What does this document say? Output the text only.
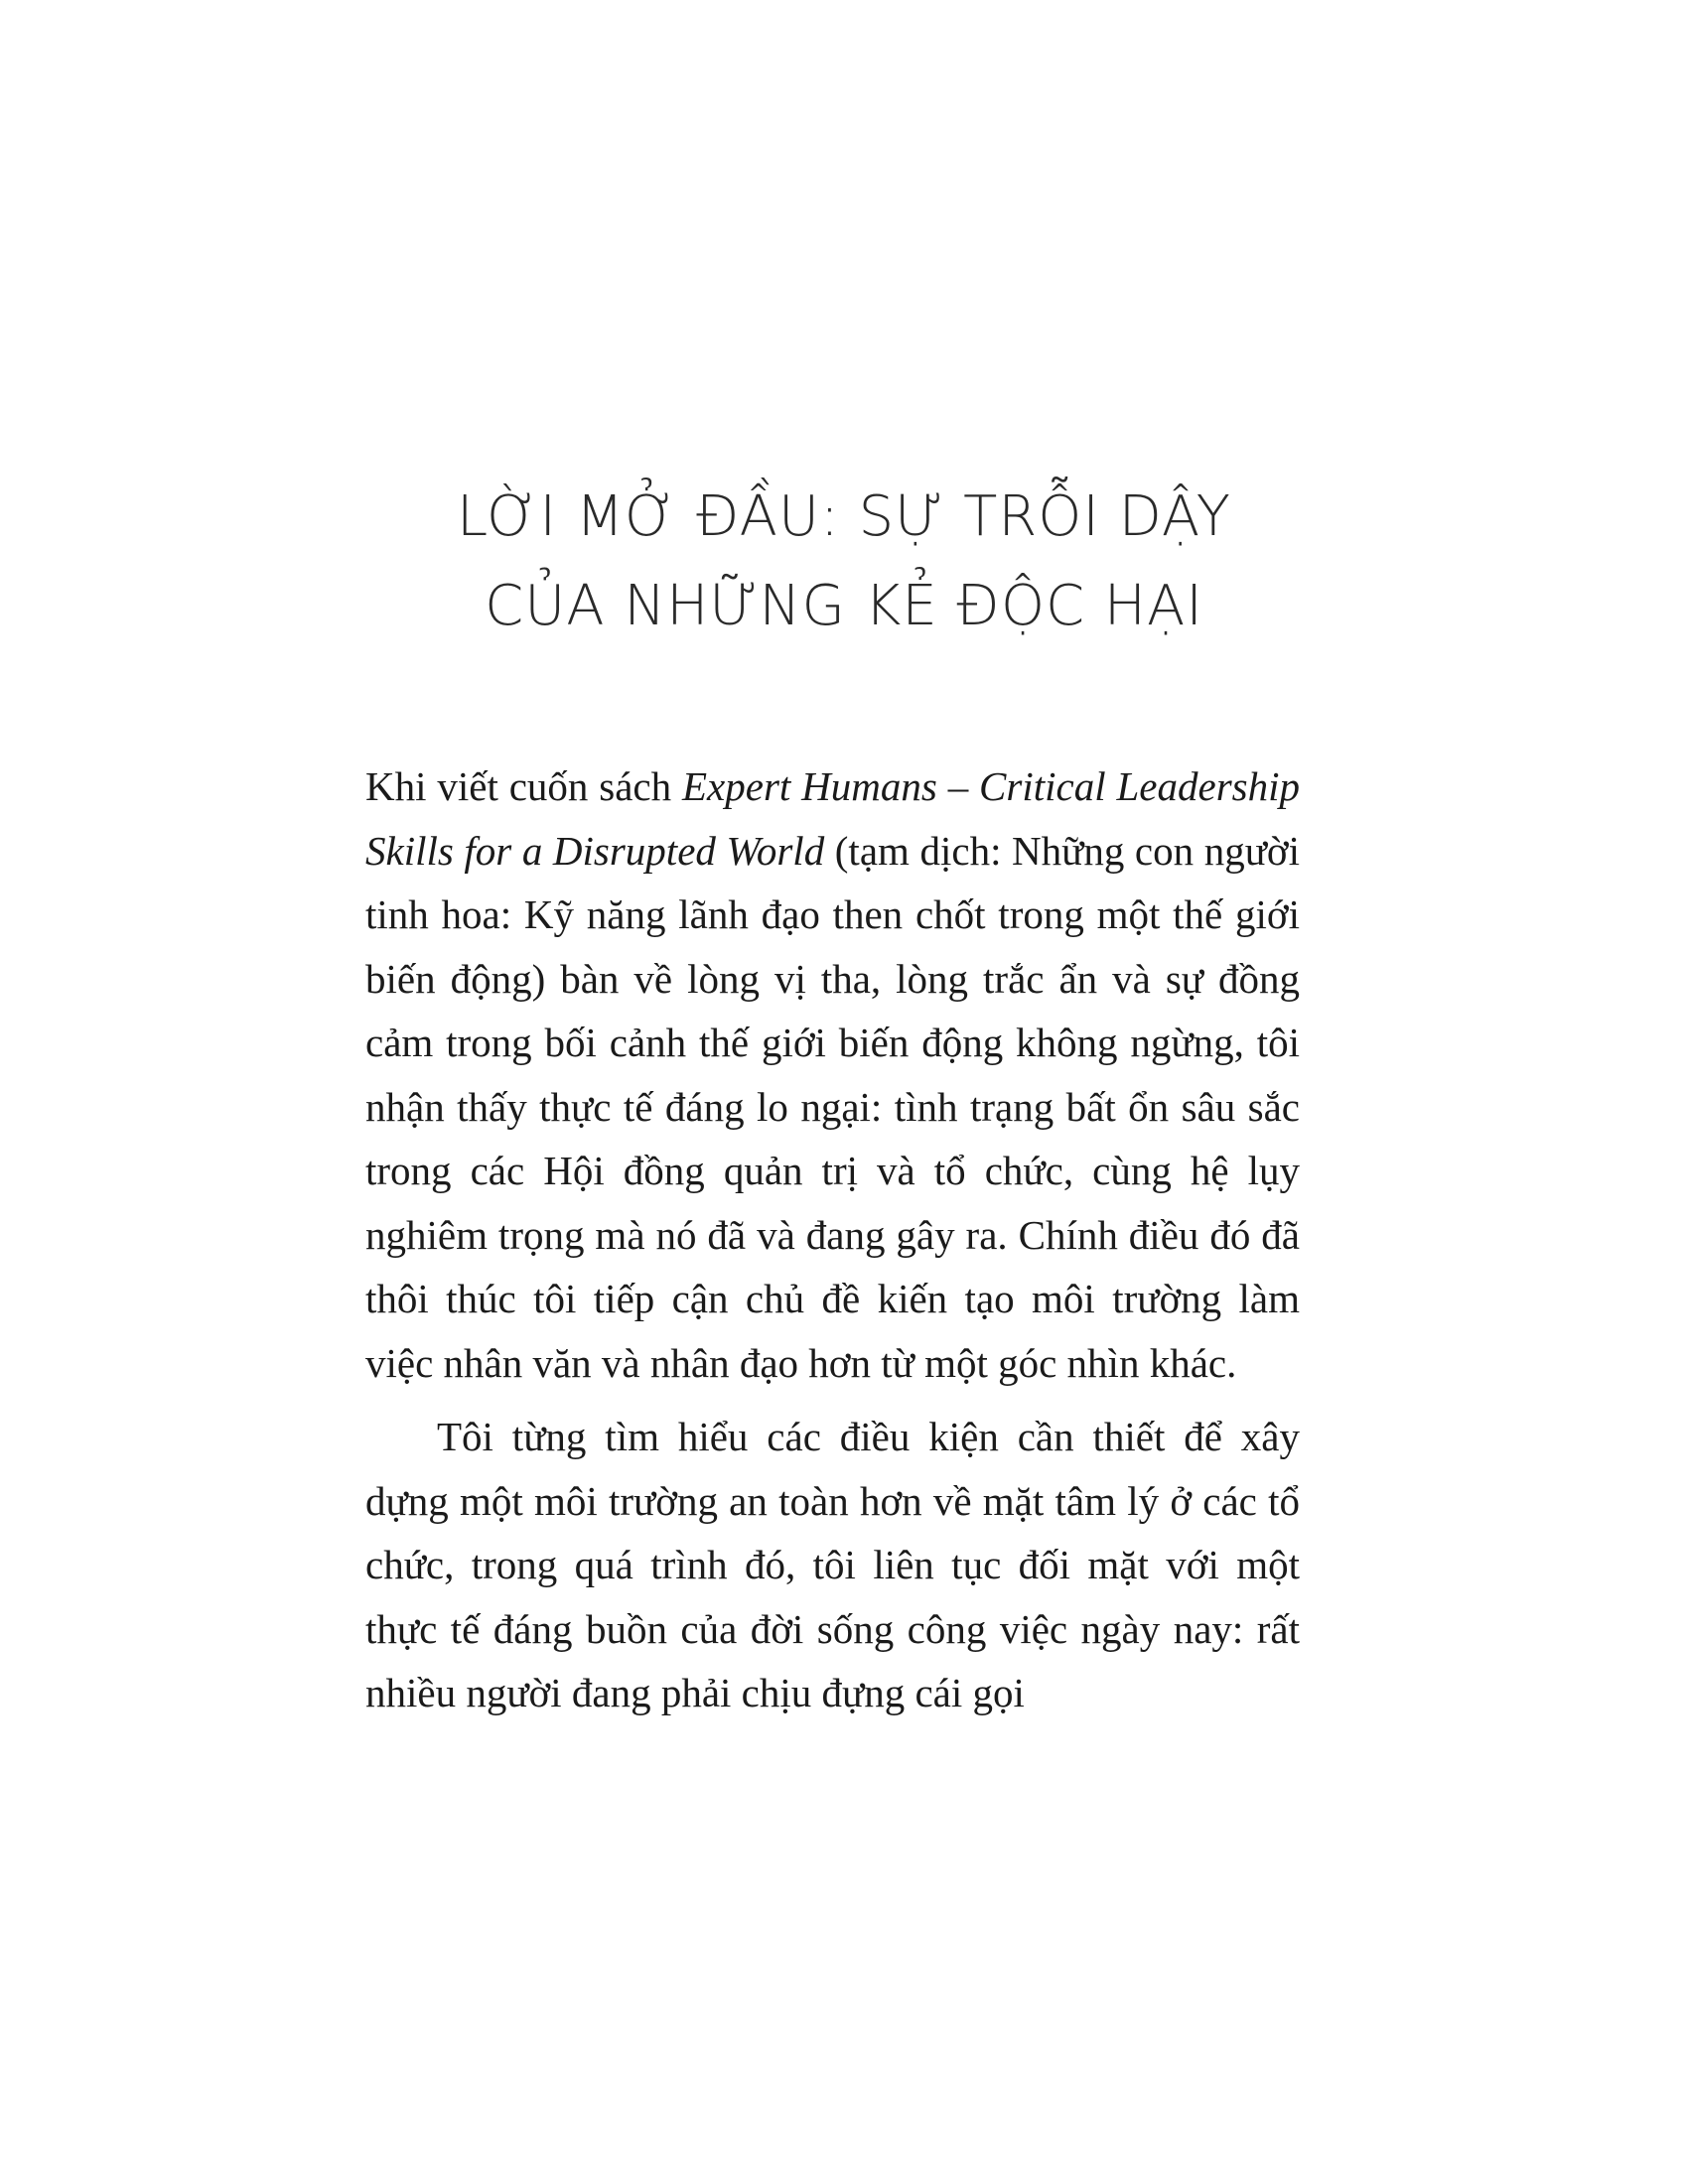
LỜI MỞ ĐẦU: SỰ TRỖI DẬY
CỦA NHỮNG KẺ ĐỘC HẠI

Khi viết cuốn sách Expert Humans – Critical Leadership Skills for a Disrupted World (tạm dịch: Những con người tinh hoa: Kỹ năng lãnh đạo then chốt trong một thế giới biến động) bàn về lòng vị tha, lòng trắc ẩn và sự đồng cảm trong bối cảnh thế giới biến động không ngừng, tôi nhận thấy thực tế đáng lo ngại: tình trạng bất ổn sâu sắc trong các Hội đồng quản trị và tổ chức, cùng hệ lụy nghiêm trọng mà nó đã và đang gây ra. Chính điều đó đã thôi thúc tôi tiếp cận chủ đề kiến tạo môi trường làm việc nhân văn và nhân đạo hơn từ một góc nhìn khác.

Tôi từng tìm hiểu các điều kiện cần thiết để xây dựng một môi trường an toàn hơn về mặt tâm lý ở các tổ chức, trong quá trình đó, tôi liên tục đối mặt với một thực tế đáng buồn của đời sống công việc ngày nay: rất nhiều người đang phải chịu đựng cái gọi
